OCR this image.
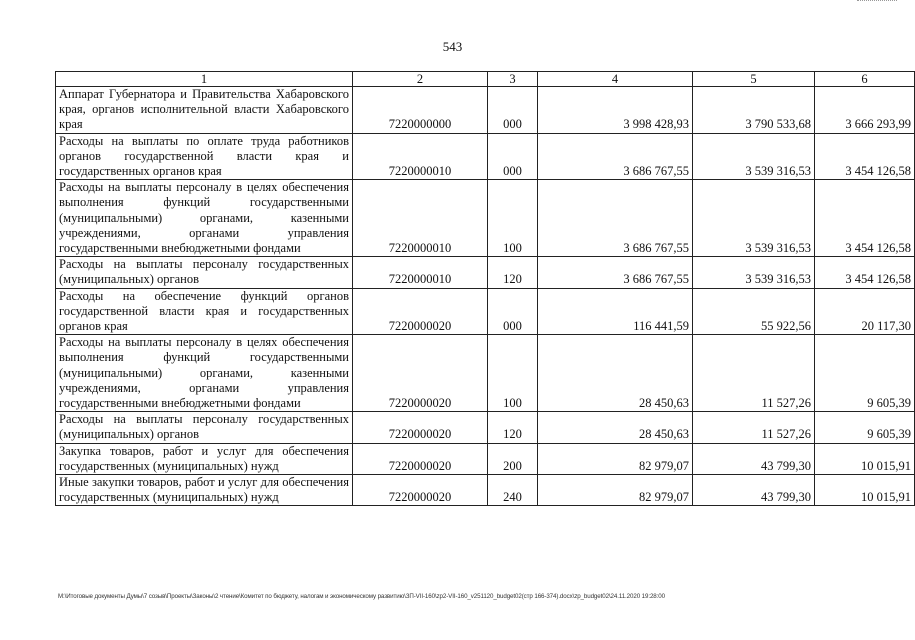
543
1	2	3	4	5	6
Аппарат Губернатора и Правительства Хабаровского края, органов исполнительной власти Хабаровского края	7220000000	000	3 998 428,93	3 790 533,68	3 666 293,99
Расходы на выплаты по оплате труда работников органов государственной власти края и государственных органов края	7220000010	000	3 686 767,55	3 539 316,53	3 454 126,58
Расходы на выплаты персоналу в целях обеспечения выполнения функций государственными (муниципальными) органами, казенными учреждениями, органами управления государственными внебюджетными фондами	7220000010	100	3 686 767,55	3 539 316,53	3 454 126,58
Расходы на выплаты персоналу государственных (муниципальных) органов	7220000010	120	3 686 767,55	3 539 316,53	3 454 126,58
Расходы на обеспечение функций органов государственной власти края и государственных органов края	7220000020	000	116 441,59	55 922,56	20 117,30
Расходы на выплаты персоналу в целях обеспечения выполнения функций государственными (муниципальными) органами, казенными учреждениями, органами управления государственными внебюджетными фондами	7220000020	100	28 450,63	11 527,26	9 605,39
Расходы на выплаты персоналу государственных (муниципальных) органов	7220000020	120	28 450,63	11 527,26	9 605,39
Закупка товаров, работ и услуг для обеспечения государственных (муниципальных) нужд	7220000020	200	82 979,07	43 799,30	10 015,91
Иные закупки товаров, работ и услуг для обеспечения государственных (муниципальных) нужд	7220000020	240	82 979,07	43 799,30	10 015,91
M:\Итоговые документы Думы\7 созыв\Проекты\Законы\2 чтение\Комитет по бюджету, налогам и экономическому развитию\ЗП-VII-160\zp2-VII-160_v251120_budget02(стр 166-374).docx\zp_budget02\24.11.2020 19:28:00
